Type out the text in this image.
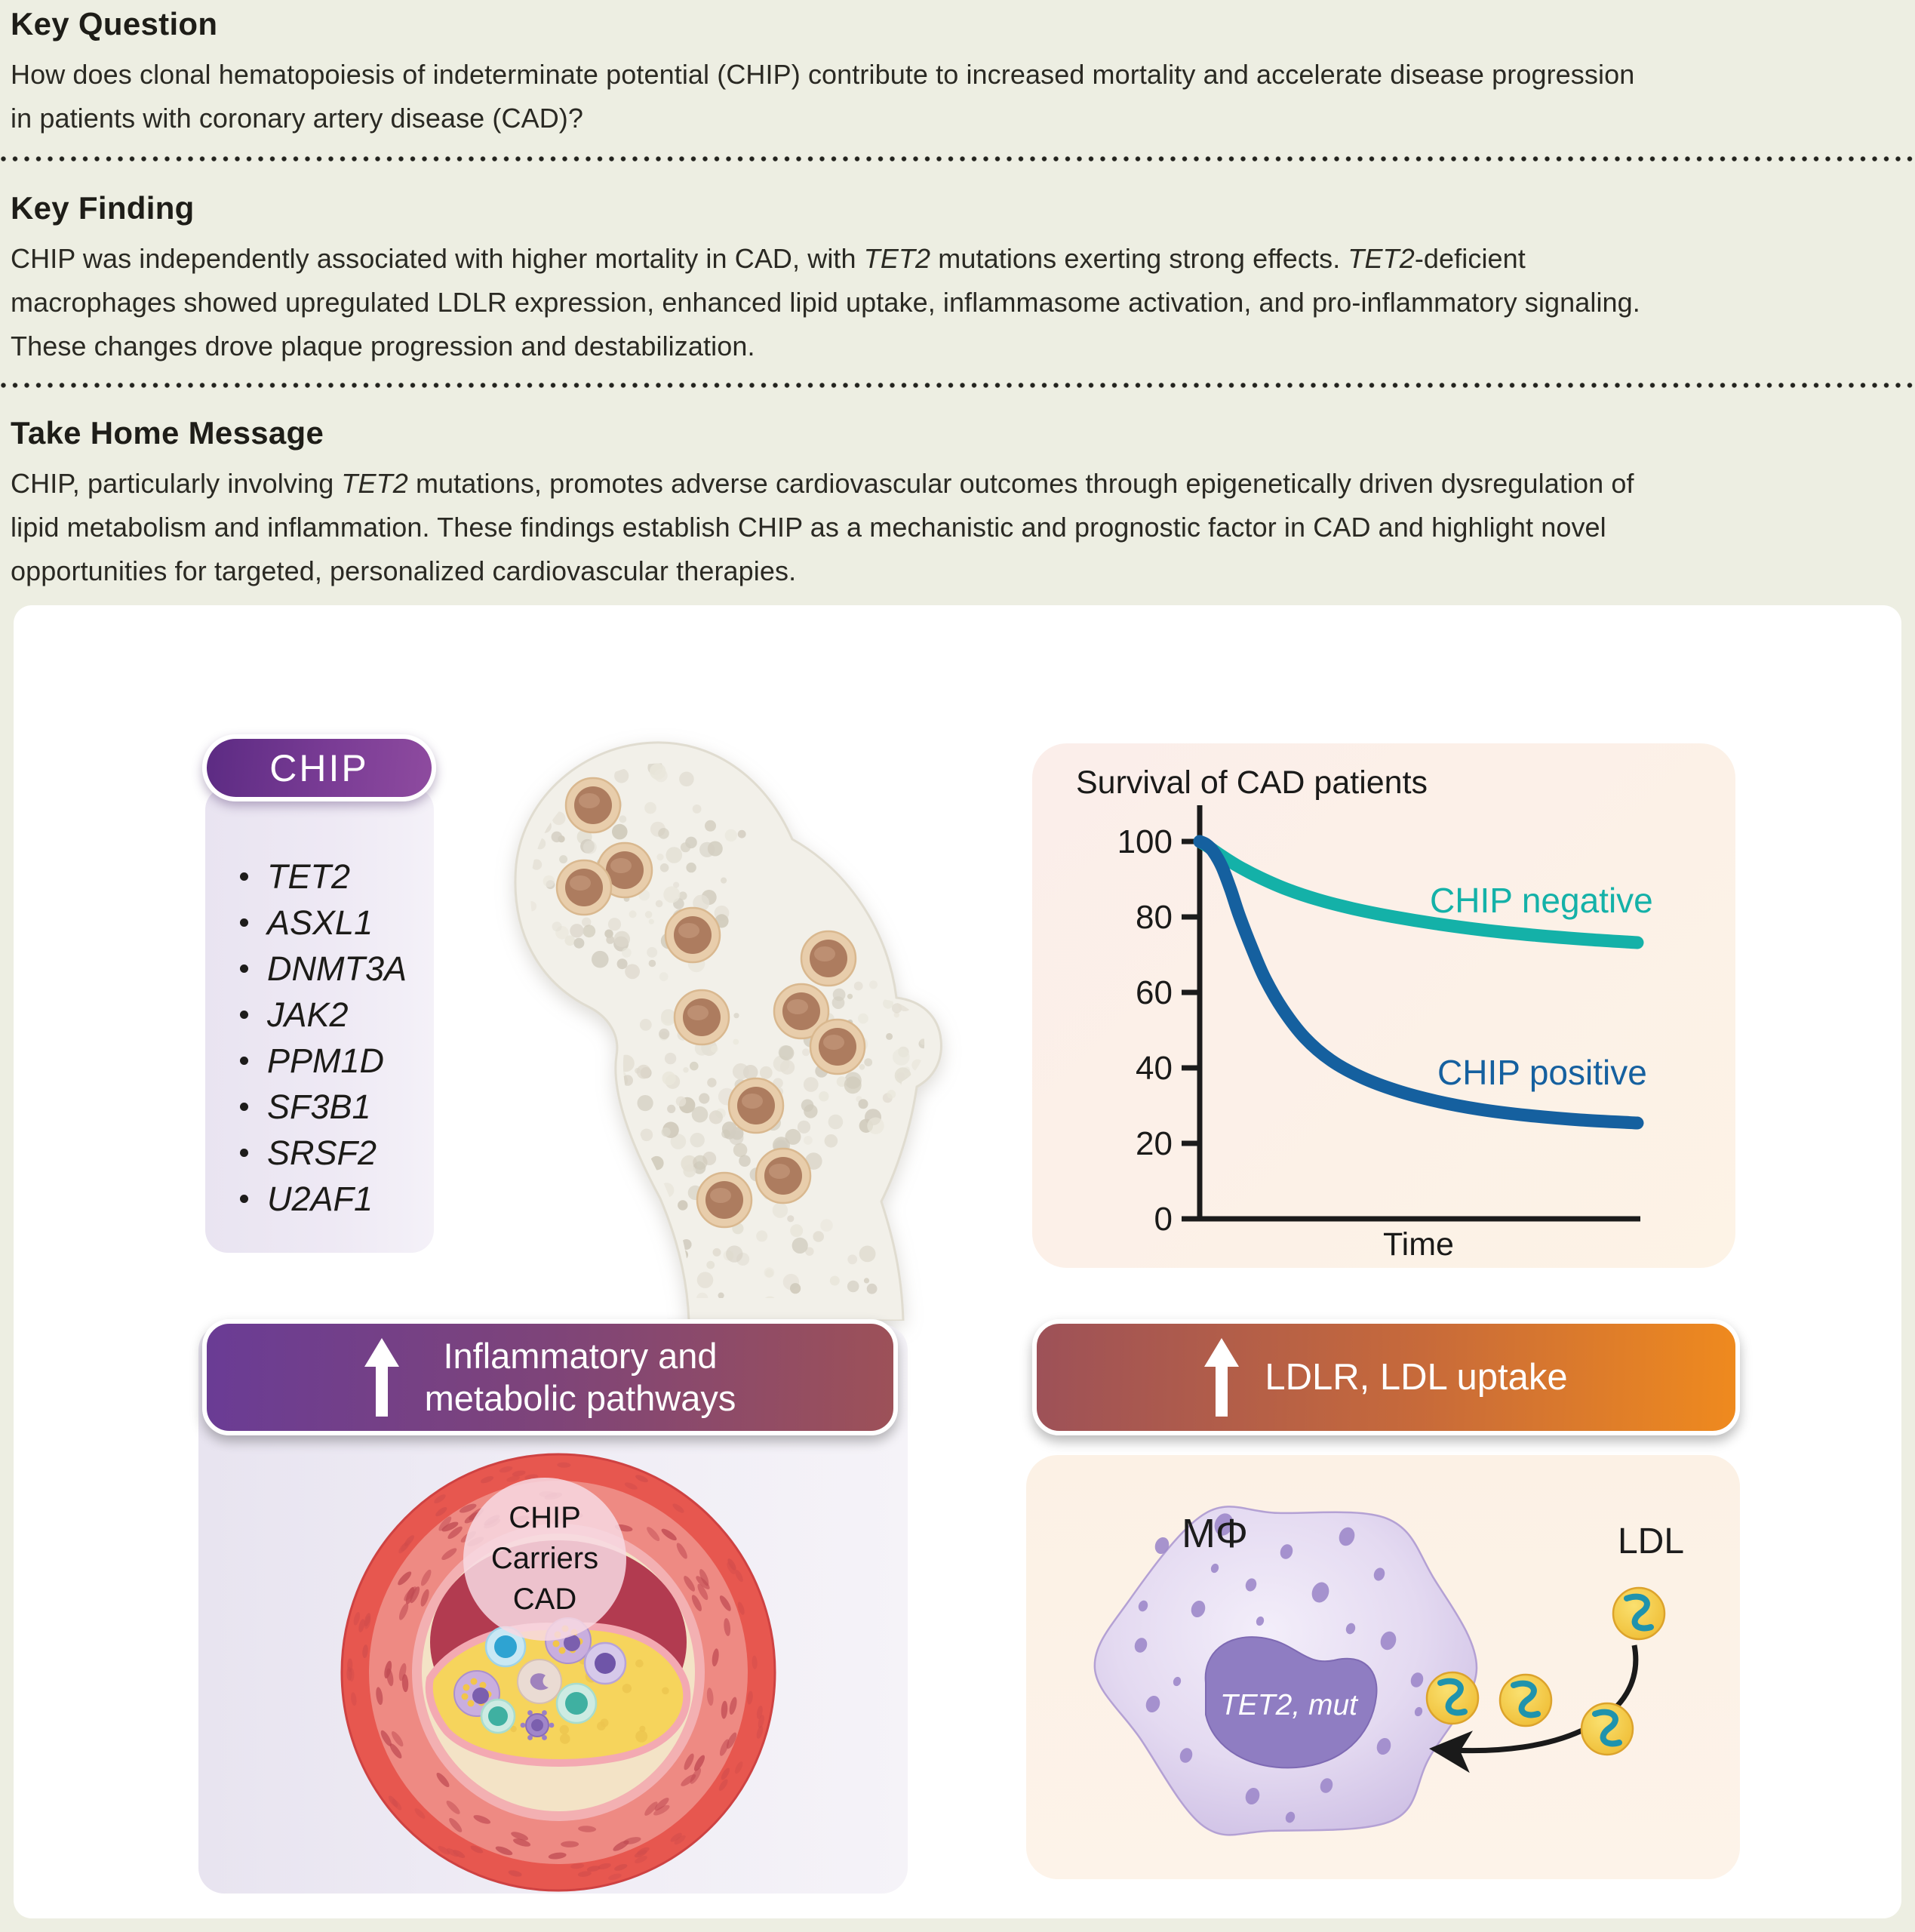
Key Question

How does clonal hematopoiesis of indeterminate potential (CHIP) contribute to increased mortality and accelerate disease progression
in patients with coronary artery disease (CAD)?

Key Finding

CHIP was independently associated with higher mortality in CAD, with TET2 mutations exerting strong effects. TET2-deficient
macrophages showed upregulated LDLR expression, enhanced lipid uptake, inflammasome activation, and pro-inflammatory signaling.
These changes drove plaque progression and destabilization.

Take Home Message

CHIP, particularly involving TET2 mutations, promotes adverse cardiovascular outcomes through epigenetically driven dysregulation of
lipid metabolism and inflammation. These findings establish CHIP as a mechanistic and prognostic factor in CAD and highlight novel
opportunities for targeted, personalized cardiovascular therapies.

CHIP
TET2
ASXL1
DNMT3A
JAK2
PPM1D
SF3B1
SRSF2
U2AF1
Survival of CAD patients
0
20
40
60
80
100
Time
CHIP negative
CHIP positive
Inflammatory and
metabolic pathways
LDLR, LDL uptake
CHIP
Carriers
CAD
TET2, mut
MΦ	LDL
